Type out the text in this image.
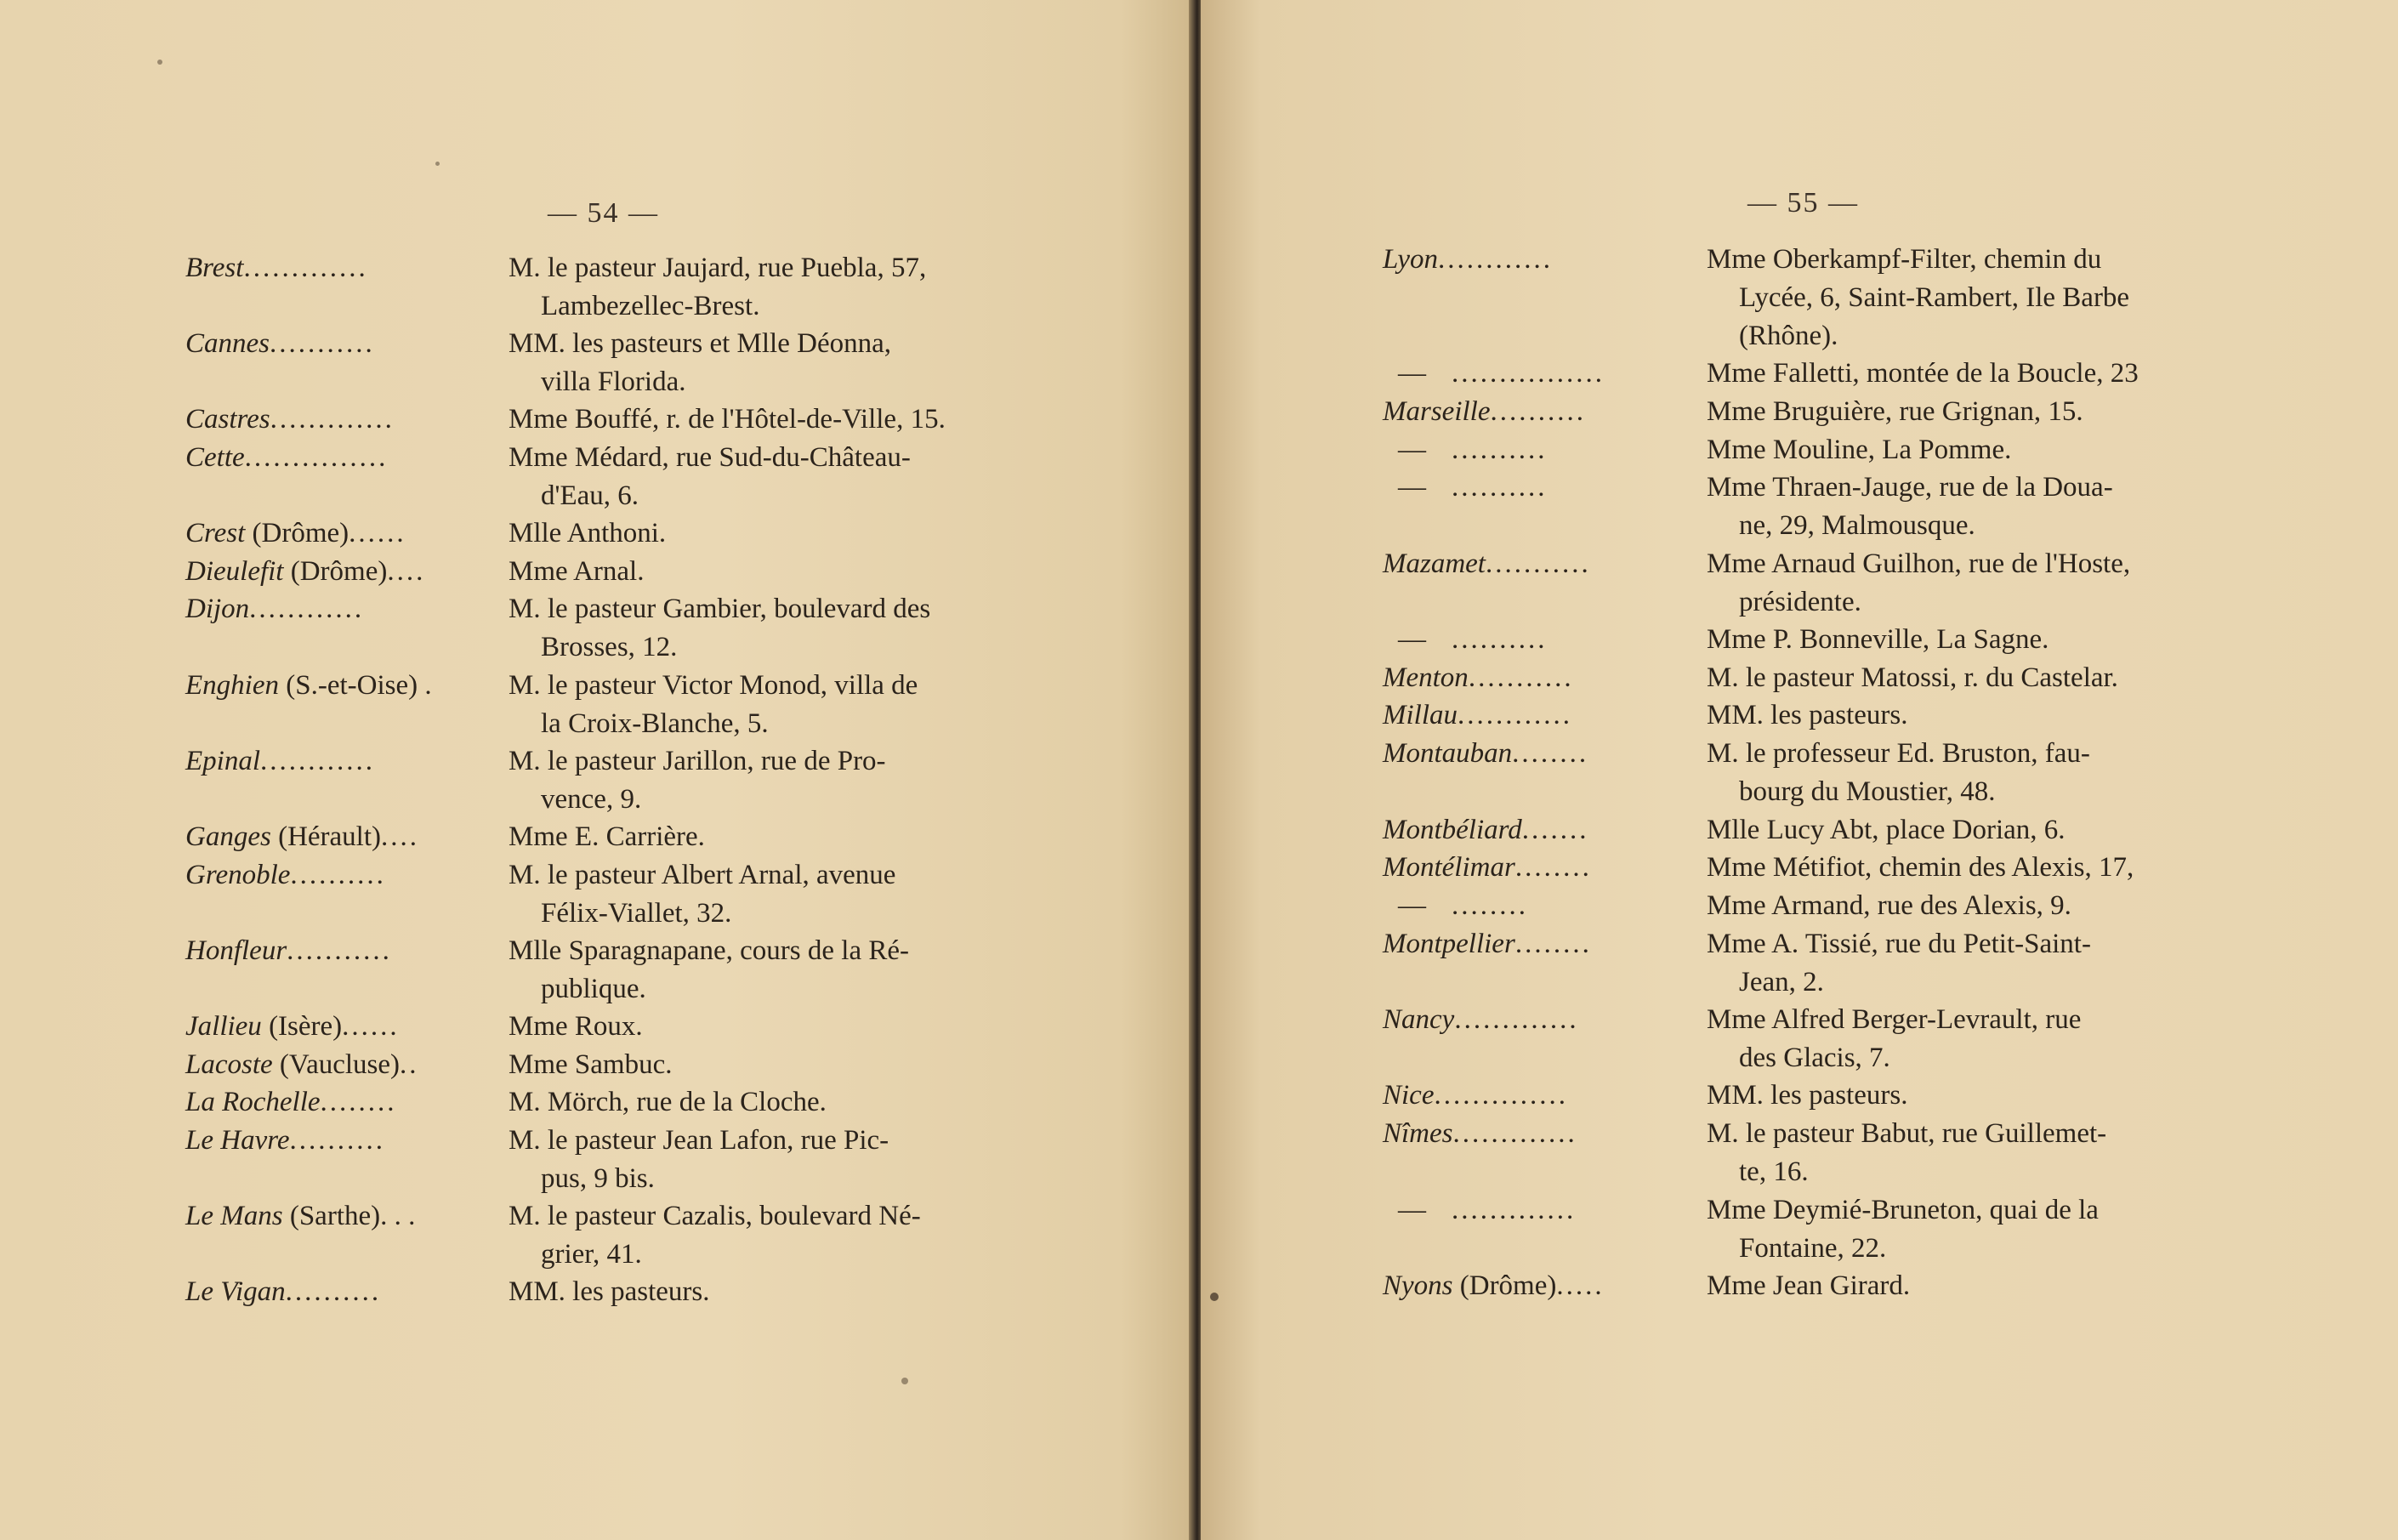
— 54 —
Brest.............	M. le pasteur Jaujard, rue Puebla, 57,
Lambezellec-Brest.
Cannes...........	MM. les pasteurs et Mlle Déonna,
villa Florida.
Castres.............	Mme Bouffé, r. de l'Hôtel-de-Ville, 15.
Cette...............	Mme Médard, rue Sud-du-Château-
d'Eau, 6.
Crest (Drôme)......	Mlle Anthoni.
Dieulefit (Drôme)....	Mme Arnal.
Dijon............	M. le pasteur Gambier, boulevard des
Brosses, 12.
Enghien (S.-et-Oise) .	M. le pasteur Victor Monod, villa de
la Croix-Blanche, 5.
Epinal............	M. le pasteur Jarillon, rue de Pro-
vence, 9.
Ganges (Hérault)....	Mme E. Carrière.
Grenoble..........	M. le pasteur Albert Arnal, avenue
Félix-Viallet, 32.
Honfleur...........	Mlle Sparagnapane, cours de la Ré-
publique.
Jallieu (Isère)......	Mme Roux.
Lacoste (Vaucluse)..	Mme Sambuc.
La Rochelle........	M. Mörch, rue de la Cloche.
Le Havre..........	M. le pasteur Jean Lafon, rue Pic-
pus, 9 bis.
Le Mans (Sarthe). . .	M. le pasteur Cazalis, boulevard Né-
grier, 41.
Le Vigan..........	MM. les pasteurs.
— 55 —
Lyon............	Mme Oberkampf-Filter, chemin du
Lycée, 6, Saint-Rambert, Ile Barbe
(Rhône).
— ................	Mme Falletti, montée de la Boucle, 23
Marseille..........	Mme Bruguière, rue Grignan, 15.
— ..........	Mme Mouline, La Pomme.
— ..........	Mme Thraen-Jauge, rue de la Doua-
ne, 29, Malmousque.
Mazamet...........	Mme Arnaud Guilhon, rue de l'Hoste,
présidente.
— ..........	Mme P. Bonneville, La Sagne.
Menton...........	M. le pasteur Matossi, r. du Castelar.
Millau............	MM. les pasteurs.
Montauban........	M. le professeur Ed. Bruston, fau-
bourg du Moustier, 48.
Montbéliard.......	Mlle Lucy Abt, place Dorian, 6.
Montélimar........	Mme Métifiot, chemin des Alexis, 17,
— ........	Mme Armand, rue des Alexis, 9.
Montpellier........	Mme A. Tissié, rue du Petit-Saint-
Jean, 2.
Nancy.............	Mme Alfred Berger-Levrault, rue
des Glacis, 7.
Nice..............	MM. les pasteurs.
Nîmes.............	M. le pasteur Babut, rue Guillemet-
te, 16.
— .............	Mme Deymié-Bruneton, quai de la
Fontaine, 22.
Nyons (Drôme).....	Mme Jean Girard.
